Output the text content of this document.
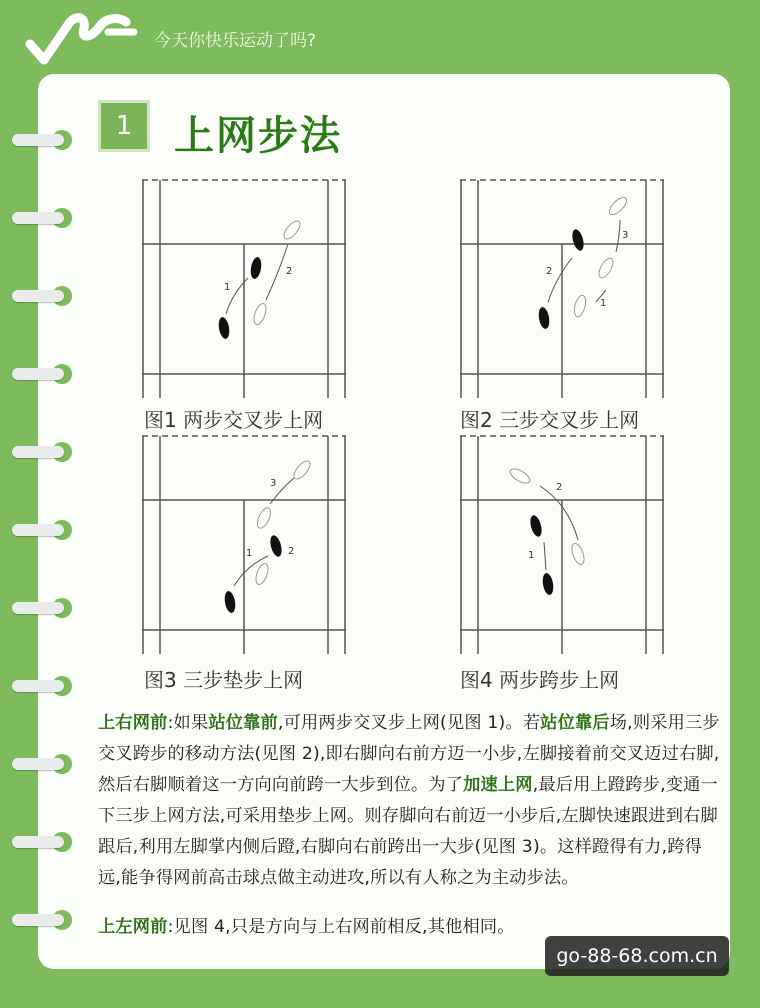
今天你快乐运动了吗?
1	上网步法
1
2
图1 两步交叉步上网
2
1
3
图2 三步交叉步上网
1	2
3
图3 三步垫步上网
1
2
图4 两步跨步上网

上右网前:如果站位靠前,可用两步交叉步上网(见图 1)。若站位靠后场,则采用三步交叉跨步的移动方法(见图 2),即右脚向右前方迈一小步,左脚接着前交叉迈过右脚,然后右脚顺着这一方向向前跨一大步到位。为了加速上网,最后用上蹬跨步,变通一下三步上网方法,可采用垫步上网。则存脚向右前迈一小步后,左脚快速跟进到右脚跟后,利用左脚掌内侧后蹬,右脚向右前跨出一大步(见图 3)。这样蹬得有力,跨得远,能争得网前高击球点做主动进攻,所以有人称之为主动步法。

上左网前:见图 4,只是方向与上右网前相反,其他相同。

go-88-68.com.cn
